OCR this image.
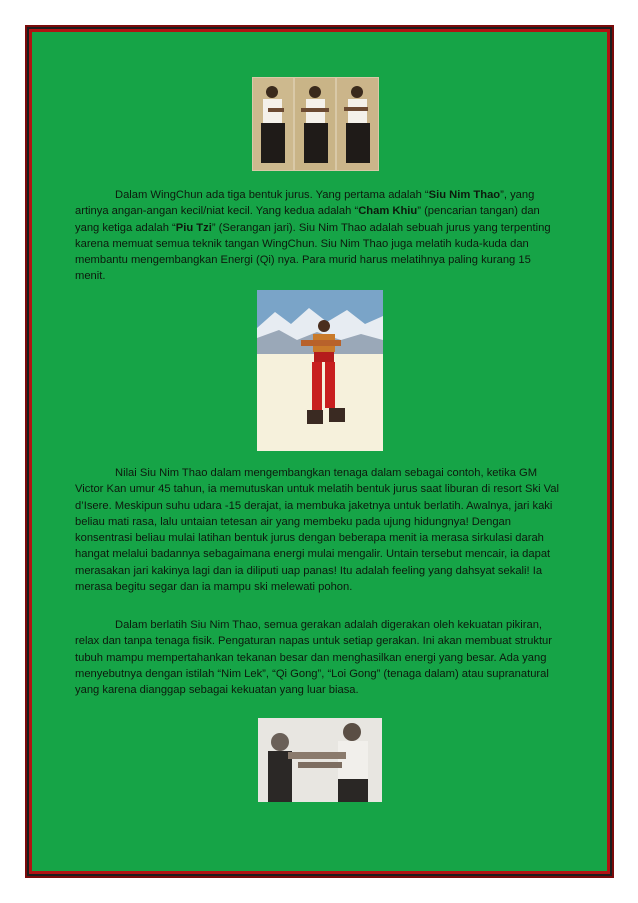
Dalam WingChun ada tiga bentuk jurus. Yang pertama adalah “Siu Nim Thao”, yang artinya angan-angan kecil/niat kecil. Yang kedua adalah “Cham Khiu” (pencarian tangan) dan yang ketiga adalah “Piu Tzi” (Serangan jari). Siu Nim Thao adalah sebuah jurus yang terpenting karena memuat semua teknik tangan WingChun. Siu Nim Thao juga melatih kuda-kuda dan membantu mengembangkan Energi (Qi) nya. Para murid harus melatihnya paling kurang 15 menit.

Nilai Siu Nim Thao dalam mengembangkan tenaga dalam sebagai contoh, ketika GM Victor Kan umur 45 tahun, ia memutuskan untuk melatih bentuk jurus saat liburan di resort Ski Val d’Isere. Meskipun suhu udara -15 derajat, ia membuka jaketnya untuk berlatih. Awalnya, jari kaki beliau mati rasa, lalu untaian tetesan air yang membeku pada ujung hidungnya! Dengan konsentrasi beliau mulai latihan bentuk jurus dengan beberapa menit ia merasa sirkulasi darah hangat melalui badannya sebagaimana energi mulai mengalir. Untain tersebut mencair, ia dapat merasakan jari kakinya lagi dan ia diliputi uap panas! Itu adalah feeling yang dahsyat sekali! Ia merasa begitu segar dan ia mampu ski melewati pohon.

Dalam berlatih Siu Nim Thao, semua gerakan adalah digerakan oleh kekuatan pikiran, relax dan tanpa tenaga fisik. Pengaturan napas untuk setiap gerakan. Ini akan membuat struktur tubuh mampu mempertahankan tekanan besar dan menghasilkan energi yang besar. Ada yang menyebutnya dengan istilah “Nim Lek”, “Qi Gong”, “Loi Gong” (tenaga dalam) atau supranatural yang karena dianggap sebagai kekuatan yang luar biasa.
